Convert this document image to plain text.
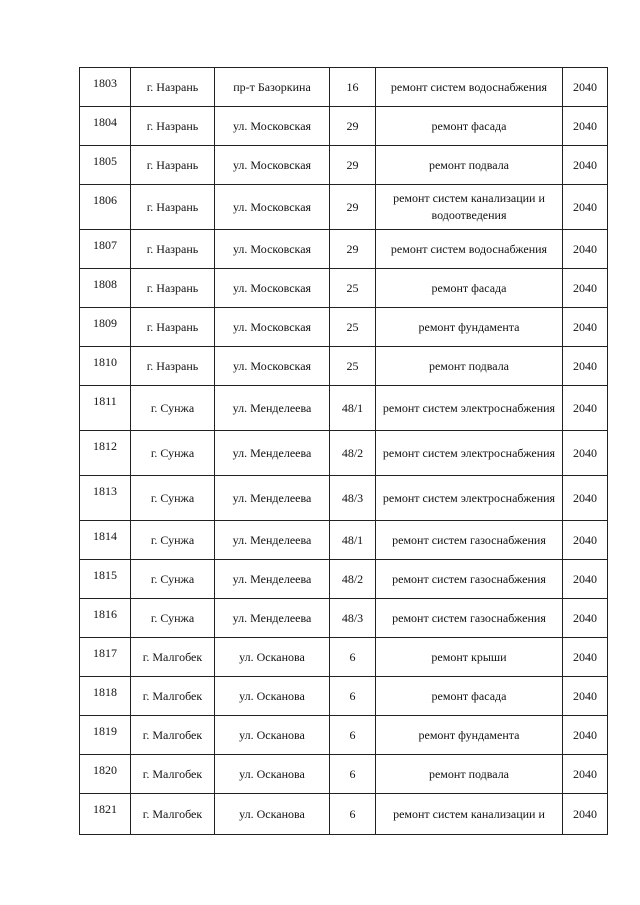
1803	г. Назрань	пр-т Базоркина	16	ремонт систем водоснабжения	2040
1804	г. Назрань	ул. Московская	29	ремонт фасада	2040
1805	г. Назрань	ул. Московская	29	ремонт подвала	2040
1806	г. Назрань	ул. Московская	29	ремонт систем канализации и водоотведения	2040
1807	г. Назрань	ул. Московская	29	ремонт систем водоснабжения	2040
1808	г. Назрань	ул. Московская	25	ремонт фасада	2040
1809	г. Назрань	ул. Московская	25	ремонт фундамента	2040
1810	г. Назрань	ул. Московская	25	ремонт подвала	2040
1811	г. Сунжа	ул. Менделеева	48/1	ремонт систем электроснабжения	2040
1812	г. Сунжа	ул. Менделеева	48/2	ремонт систем электроснабжения	2040
1813	г. Сунжа	ул. Менделеева	48/3	ремонт систем электроснабжения	2040
1814	г. Сунжа	ул. Менделеева	48/1	ремонт систем газоснабжения	2040
1815	г. Сунжа	ул. Менделеева	48/2	ремонт систем газоснабжения	2040
1816	г. Сунжа	ул. Менделеева	48/3	ремонт систем газоснабжения	2040
1817	г. Малгобек	ул. Осканова	6	ремонт крыши	2040
1818	г. Малгобек	ул. Осканова	6	ремонт фасада	2040
1819	г. Малгобек	ул. Осканова	6	ремонт фундамента	2040
1820	г. Малгобек	ул. Осканова	6	ремонт подвала	2040
1821	г. Малгобек	ул. Осканова	6	ремонт систем канализации и	2040
